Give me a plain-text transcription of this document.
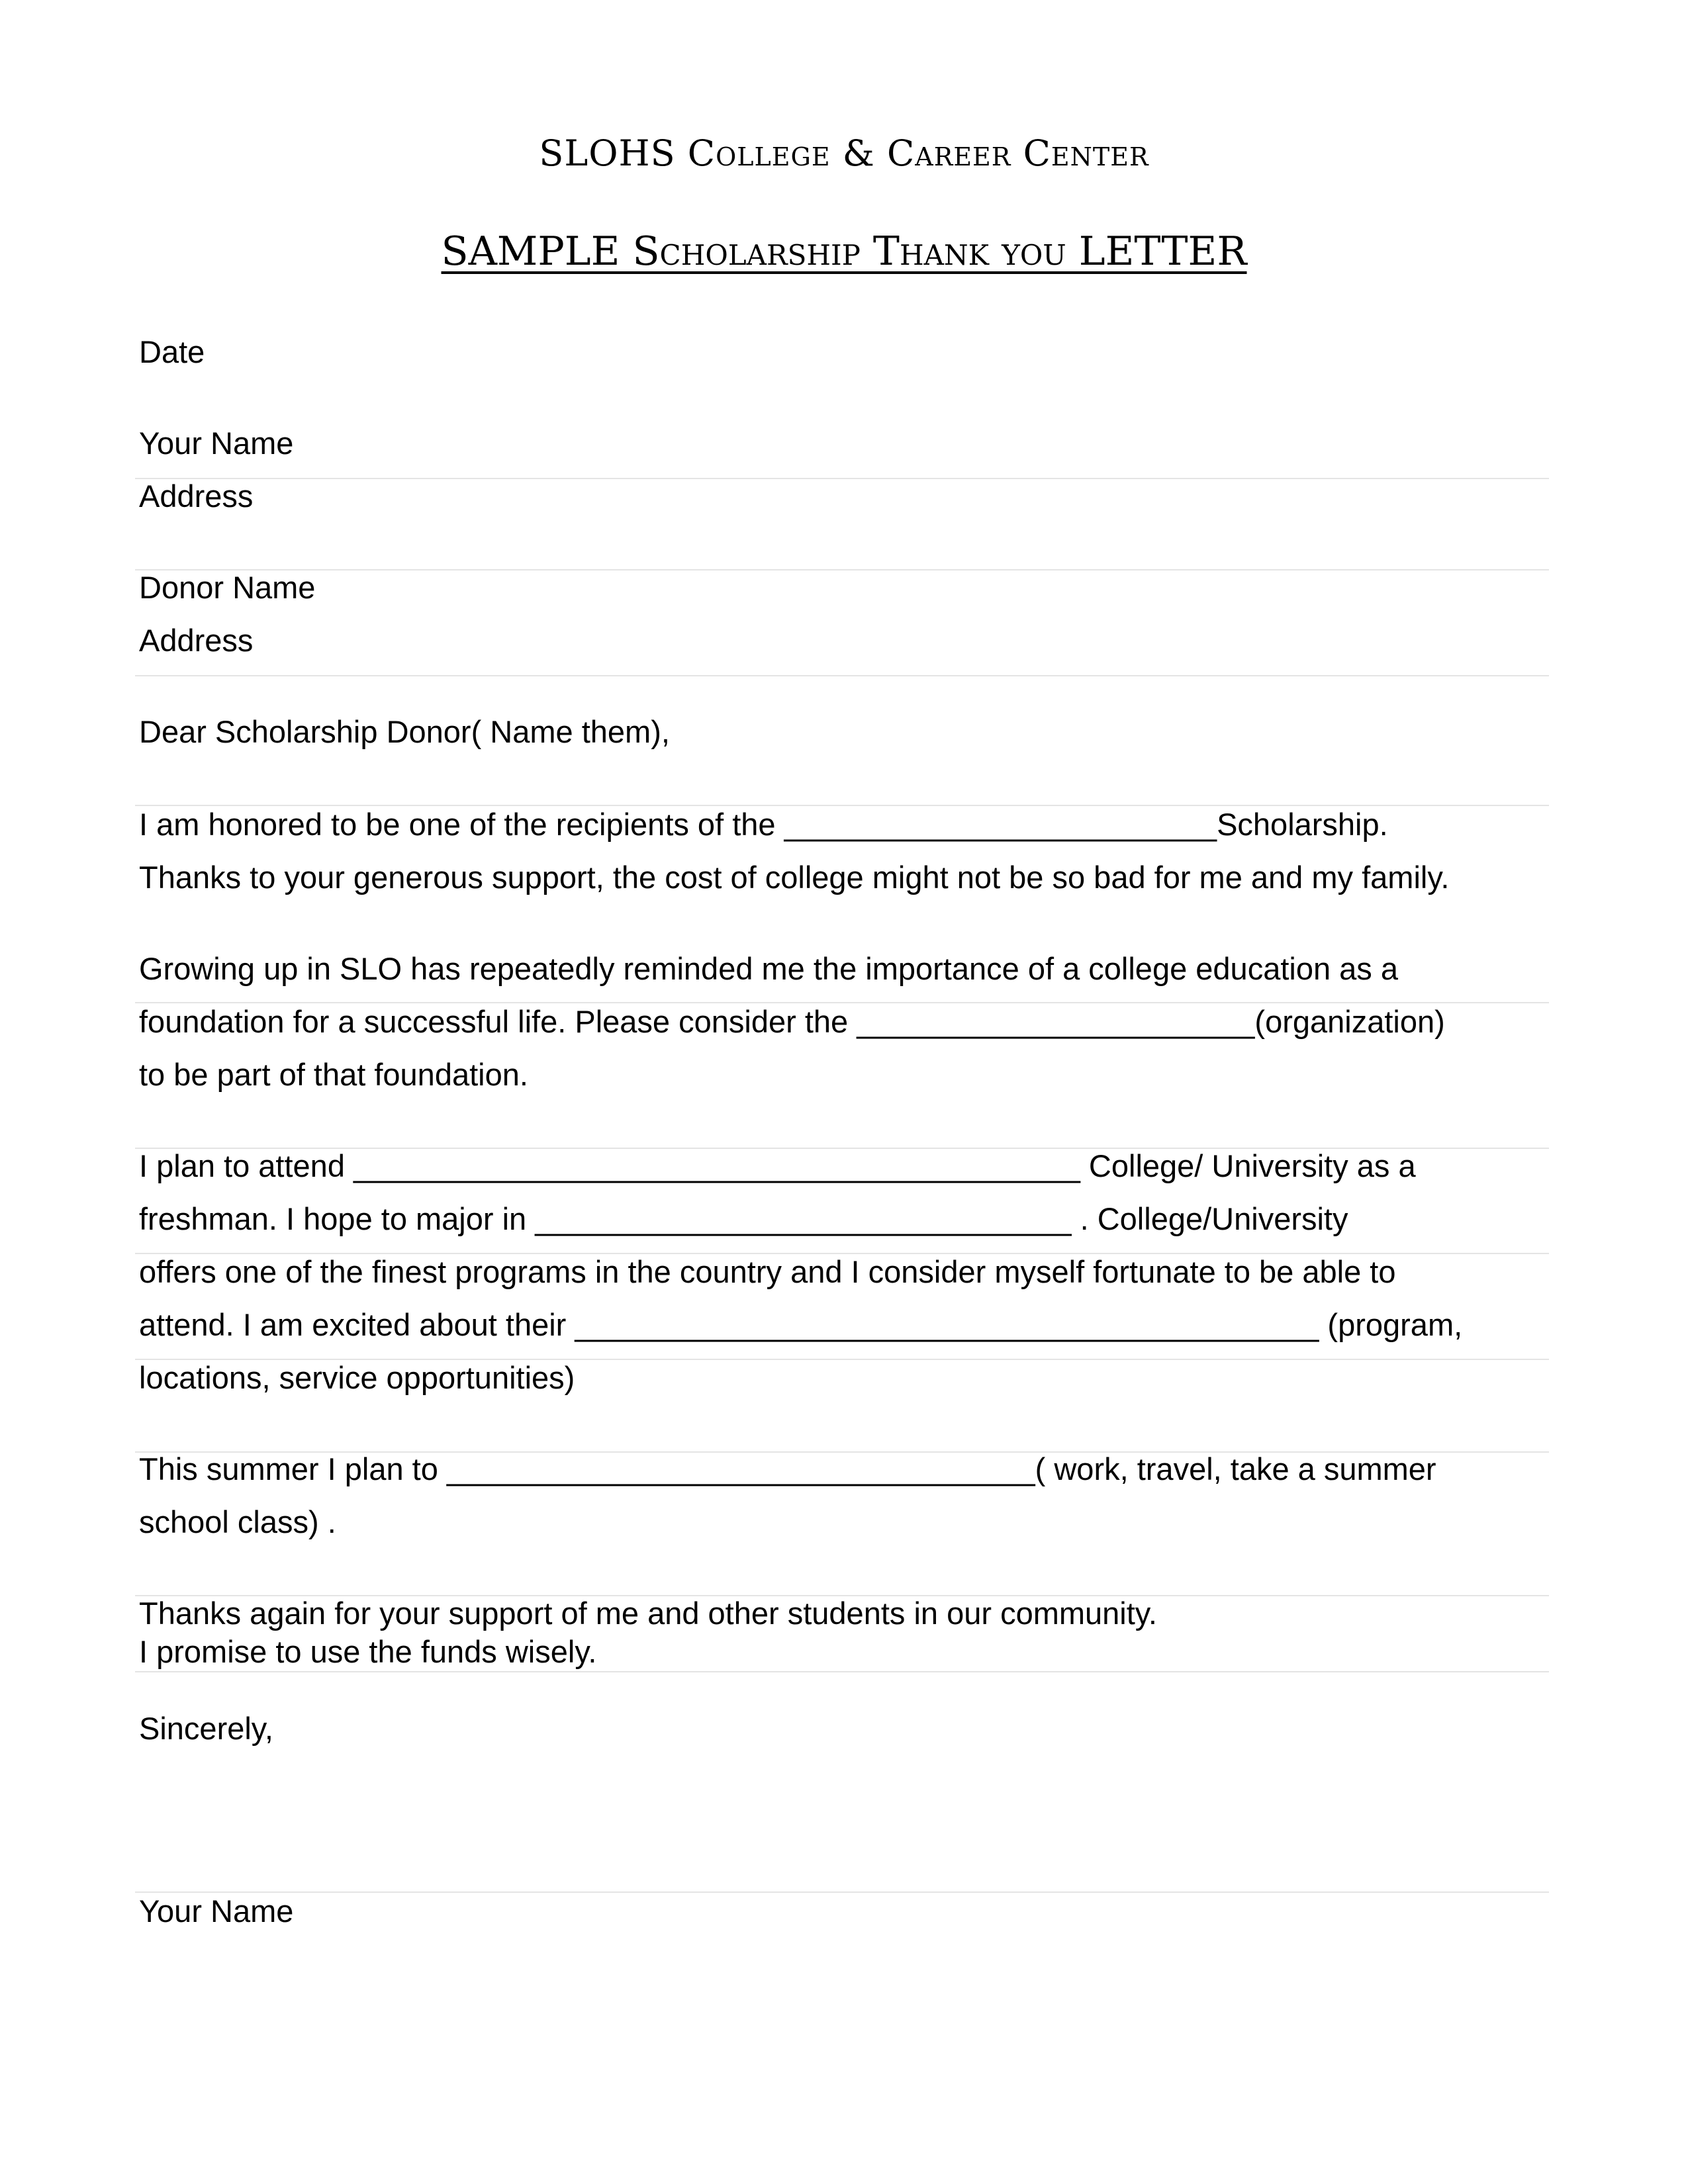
SLOHS College & Career Center
SAMPLE Scholarship Thank you LETTER
Date
Your Name
Address
Donor Name
Address
Dear Scholarship Donor( Name them),
I am honored to be one of the recipients of the _________________________Scholarship.
Thanks to your generous support, the cost of college might not be so bad for me and my family.
Growing up in SLO has repeatedly reminded me the importance of a college education as a
foundation for a successful life. Please consider the _______________________(organization)
to be part of that foundation.
I plan to attend __________________________________________ College/ University as a
freshman. I hope to major in _______________________________ . College/University
offers one of the finest programs in the country and I consider myself fortunate to be able to
attend. I am excited about their ___________________________________________ (program,
locations, service opportunities)
This summer I plan to __________________________________( work, travel, take a summer
school class) .
Thanks again for your support of me and other students in our community.
I promise to use the funds wisely.
Sincerely,
Your Name
